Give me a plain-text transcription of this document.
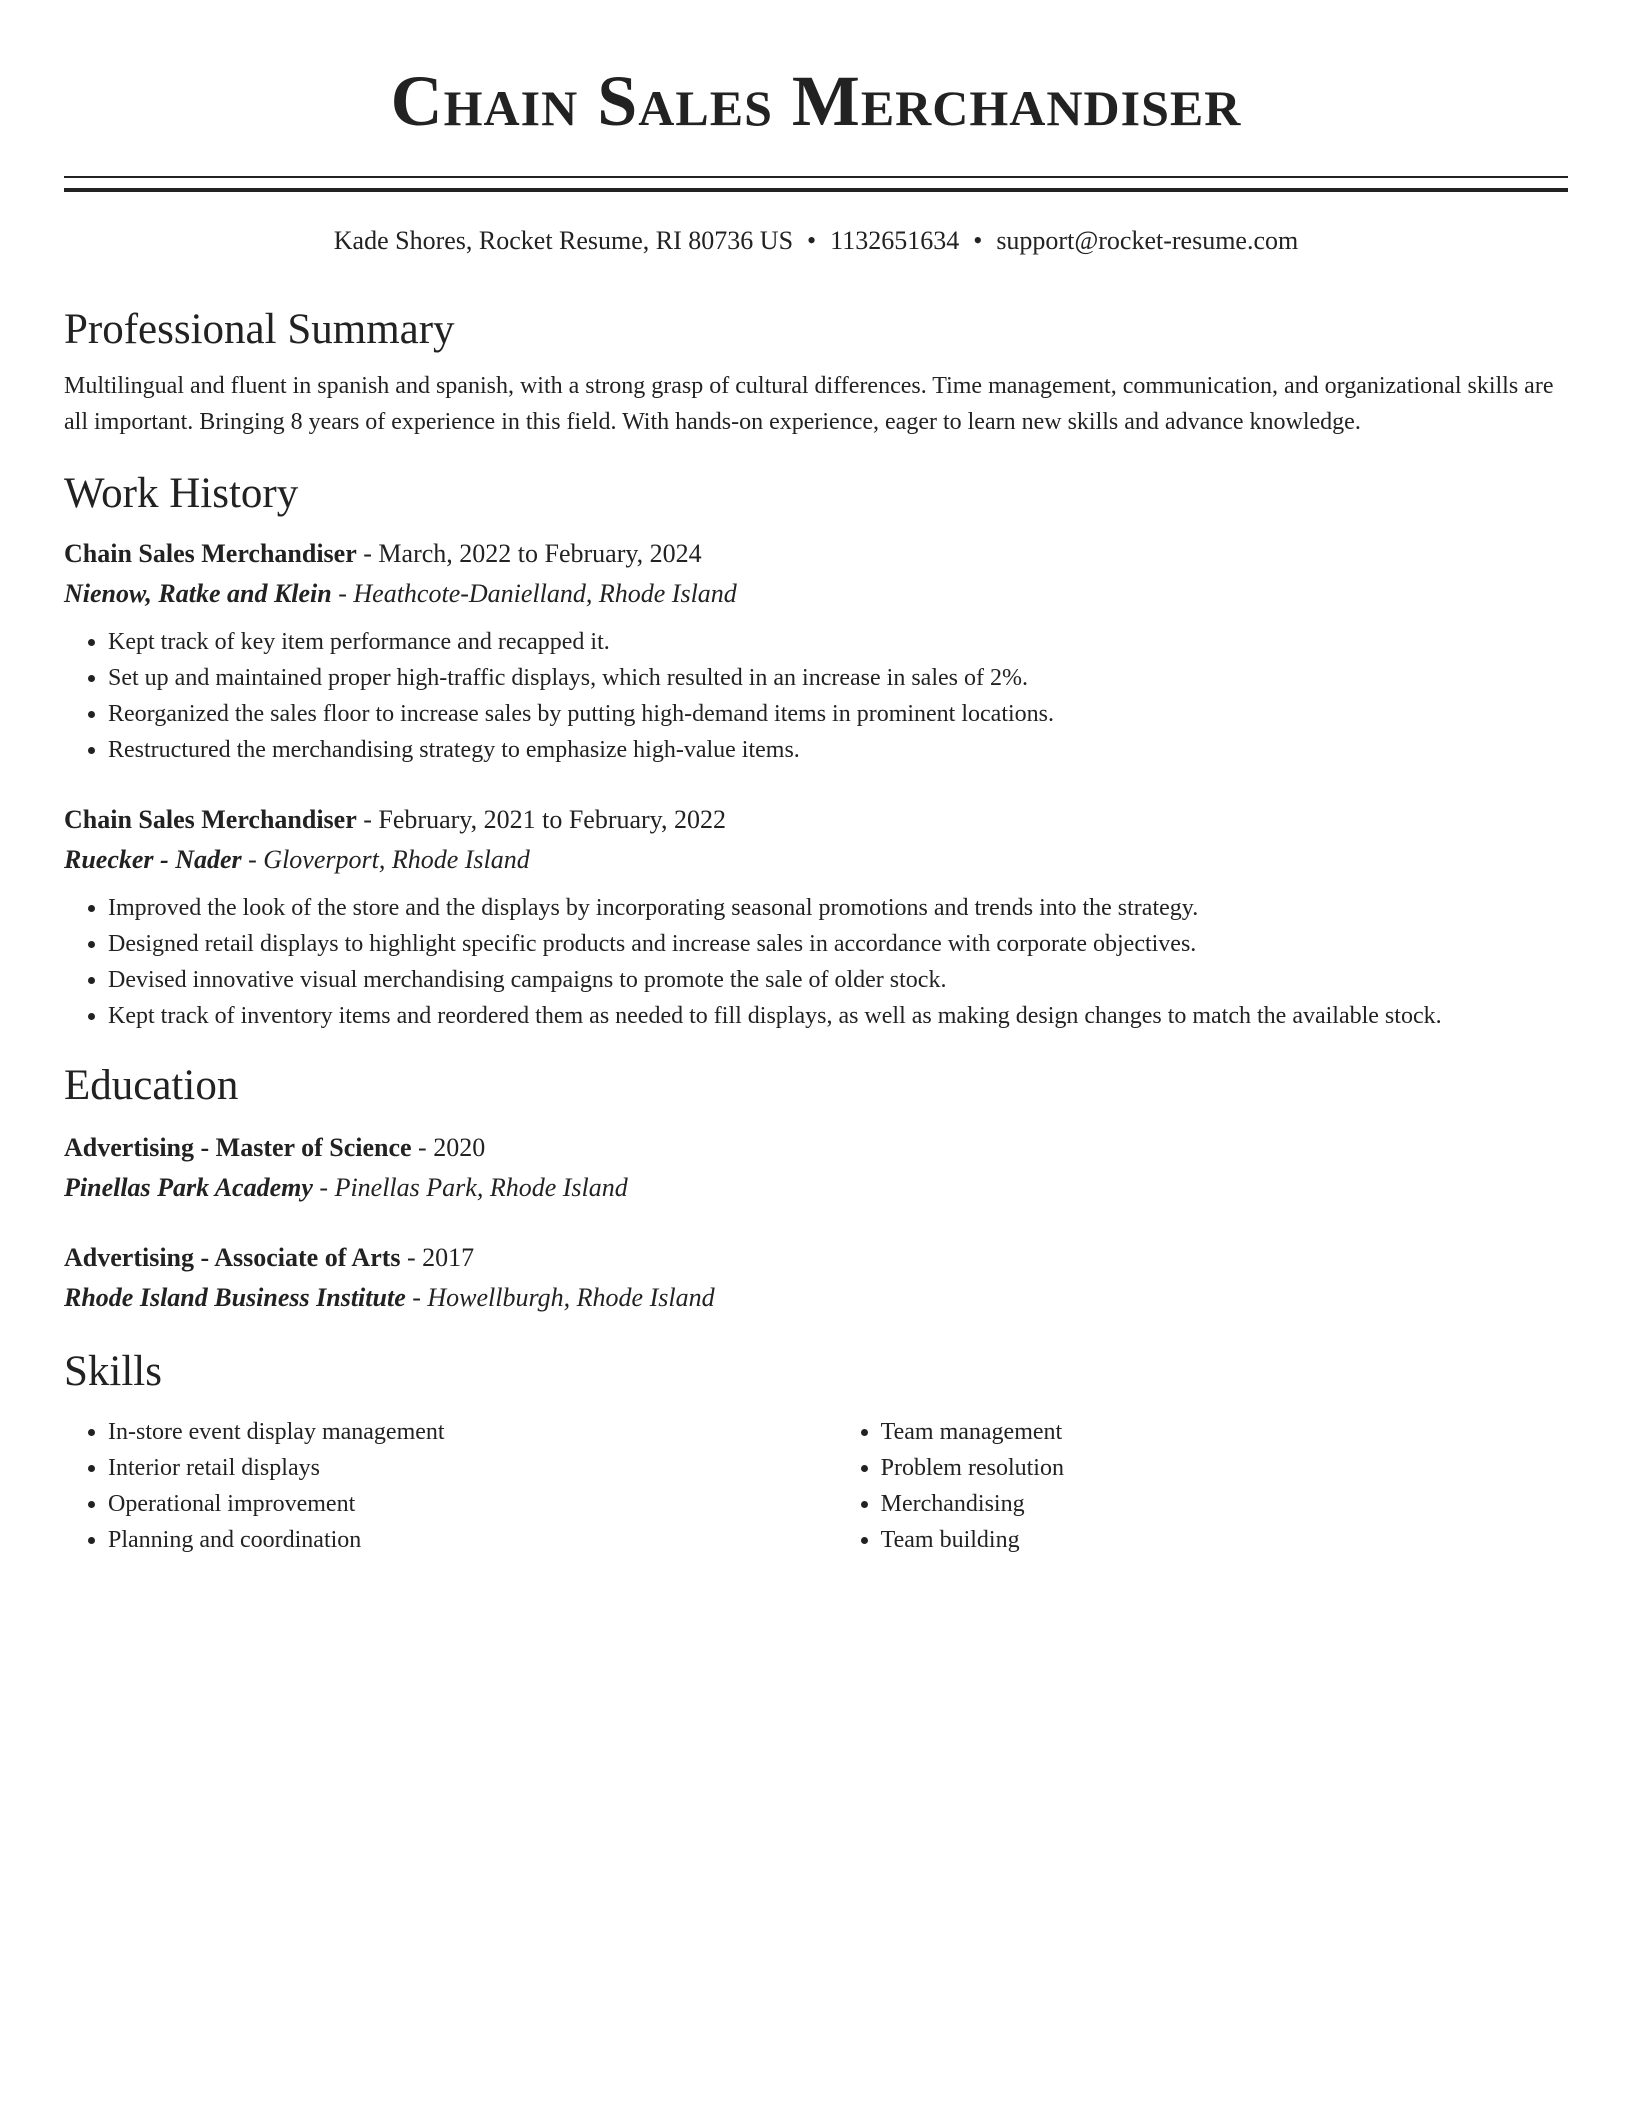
Chain Sales Merchandiser
Kade Shores, Rocket Resume, RI 80736 US • 1132651634 • support@rocket-resume.com
Professional Summary
Multilingual and fluent in spanish and spanish, with a strong grasp of cultural differences. Time management, communication, and organizational skills are all important. Bringing 8 years of experience in this field. With hands-on experience, eager to learn new skills and advance knowledge.
Work History
Chain Sales Merchandiser - March, 2022 to February, 2024
Nienow, Ratke and Klein - Heathcote-Danielland, Rhode Island
• Kept track of key item performance and recapped it.
• Set up and maintained proper high-traffic displays, which resulted in an increase in sales of 2%.
• Reorganized the sales floor to increase sales by putting high-demand items in prominent locations.
• Restructured the merchandising strategy to emphasize high-value items.
Chain Sales Merchandiser - February, 2021 to February, 2022
Ruecker - Nader - Gloverport, Rhode Island
• Improved the look of the store and the displays by incorporating seasonal promotions and trends into the strategy.
• Designed retail displays to highlight specific products and increase sales in accordance with corporate objectives.
• Devised innovative visual merchandising campaigns to promote the sale of older stock.
• Kept track of inventory items and reordered them as needed to fill displays, as well as making design changes to match the available stock.
Education
Advertising - Master of Science - 2020
Pinellas Park Academy - Pinellas Park, Rhode Island
Advertising - Associate of Arts - 2017
Rhode Island Business Institute - Howellburgh, Rhode Island
Skills
• In-store event display management
• Interior retail displays
• Operational improvement
• Planning and coordination
• Team management
• Problem resolution
• Merchandising
• Team building
